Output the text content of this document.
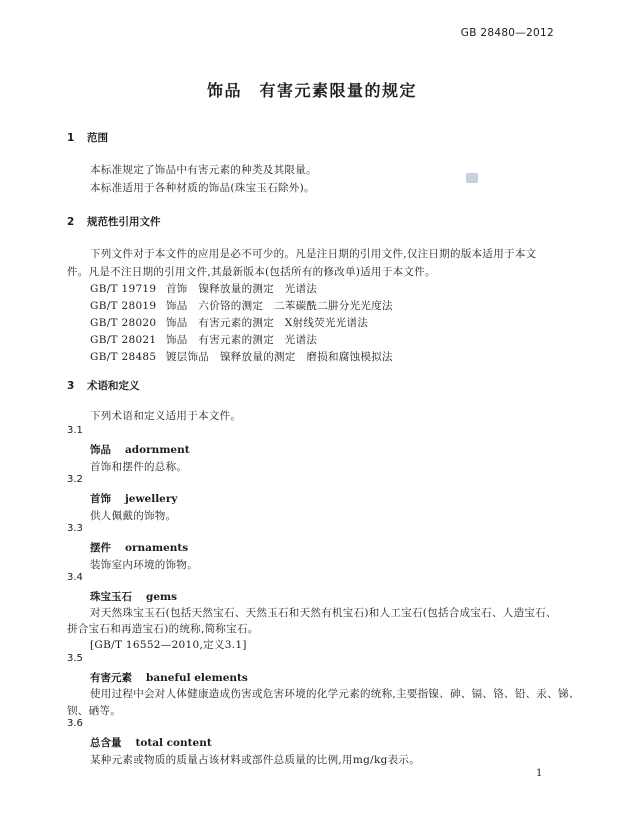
GB 28480—2012
饰品　有害元素限量的规定
1 范围
本标准规定了饰品中有害元素的种类及其限量。
本标准适用于各种材质的饰品(珠宝玉石除外)。
2 规范性引用文件
下列文件对于本文件的应用是必不可少的。凡是注日期的引用文件,仅注日期的版本适用于本文
件。凡是不注日期的引用文件,其最新版本(包括所有的修改单)适用于本文件。
GB/T 19719 首饰　镍释放量的测定　光谱法
GB/T 28019 饰品　六价铬的测定　二苯碳酰二肼分光光度法
GB/T 28020 饰品　有害元素的测定　X射线荧光光谱法
GB/T 28021 饰品　有害元素的测定　光谱法
GB/T 28485 镀层饰品　镍释放量的测定　磨损和腐蚀模拟法
3 术语和定义
下列术语和定义适用于本文件。
3.1
饰品 adornment
首饰和摆件的总称。
3.2
首饰 jewellery
供人佩戴的饰物。
3.3
摆件 ornaments
装饰室内环境的饰物。
3.4
珠宝玉石 gems
对天然珠宝玉石(包括天然宝石、天然玉石和天然有机宝石)和人工宝石(包括合成宝石、人造宝石、
拼合宝石和再造宝石)的统称,简称宝石。
[GB/T 16552—2010,定义3.1]
3.5
有害元素 baneful elements
使用过程中会对人体健康造成伤害或危害环境的化学元素的统称,主要指镍、砷、镉、铬、铅、汞、锑、
钡、硒等。
3.6
总含量 total content
某种元素或物质的质量占该材料或部件总质量的比例,用mg/kg表示。
1
